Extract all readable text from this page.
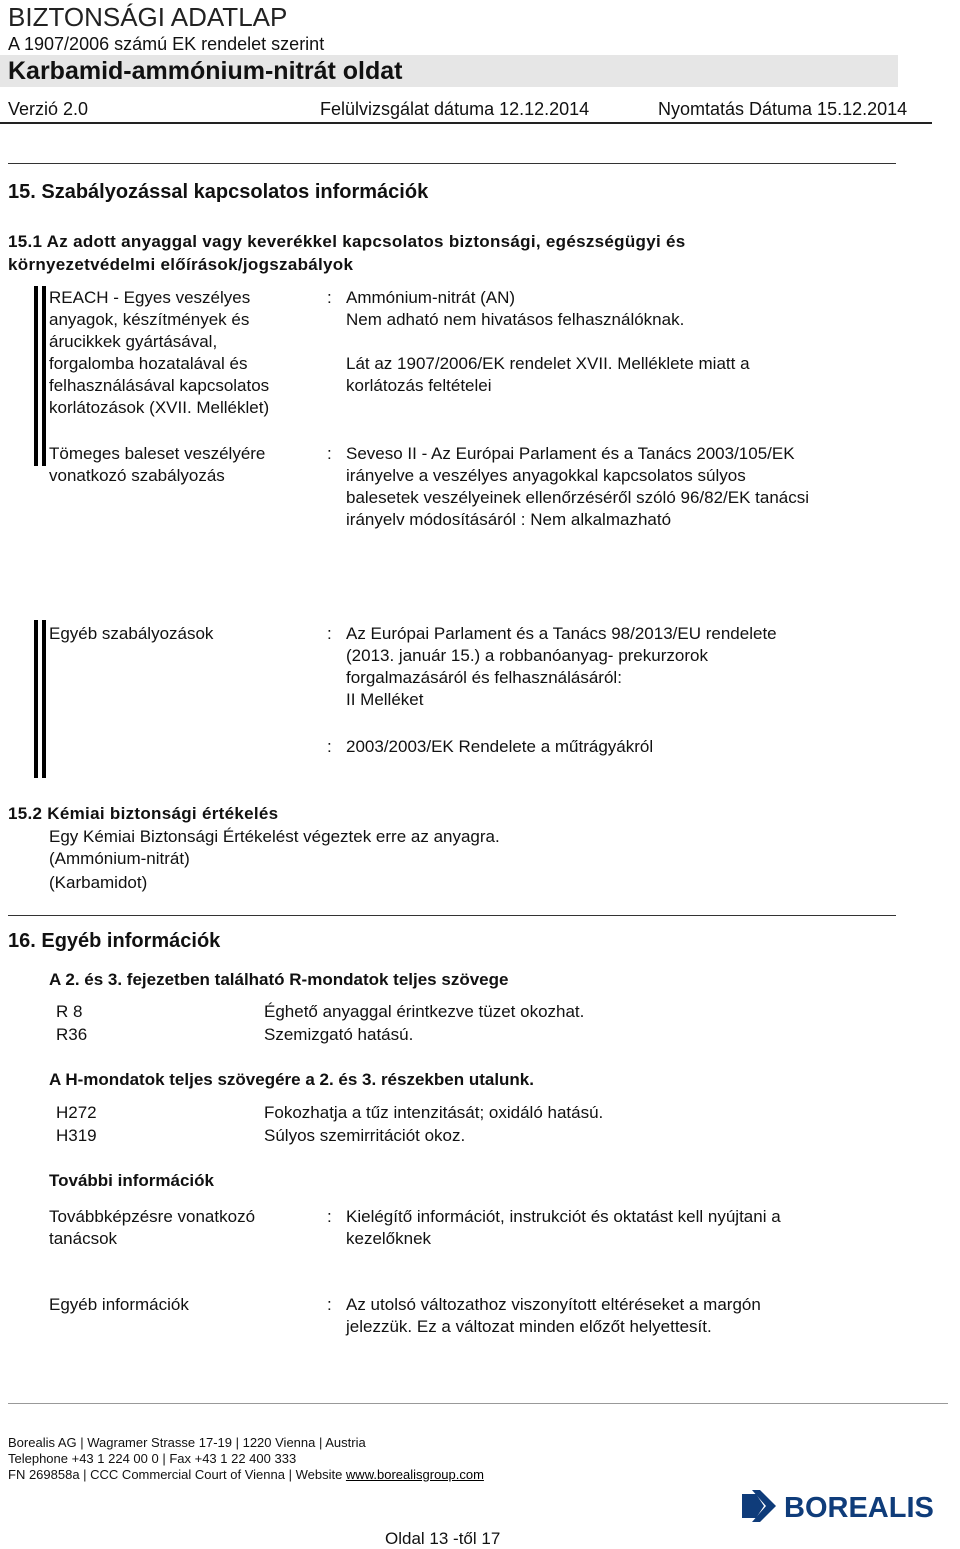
BIZTONSÁGI ADATLAP
A 1907/2006 számú EK rendelet szerint
Karbamid-ammónium-nitrát oldat
Verzió 2.0	Felülvizsgálat dátuma 12.12.2014	Nyomtatás Dátuma 15.12.2014
15. Szabályozással kapcsolatos információk
15.1 Az adott anyaggal vagy keverékkel kapcsolatos biztonsági, egészségügyi és
környezetvédelmi előírások/jogszabályok
REACH - Egyes veszélyes
anyagok, készítmények és
árucikkek gyártásával,
forgalomba hozatalával és
felhasználásával kapcsolatos
korlátozások (XVII. Melléklet)
: Ammónium-nitrát (AN)
Nem adható nem hivatásos felhasználóknak.
Lát az 1907/2006/EK rendelet XVII. Melléklete miatt a
korlátozás feltételei
Tömeges baleset veszélyére
vonatkozó szabályozás
: Seveso II - Az Európai Parlament és a Tanács 2003/105/EK
irányelve a veszélyes anyagokkal kapcsolatos súlyos
balesetek veszélyeinek ellenőrzéséről szóló 96/82/EK tanácsi
irányelv módosításáról : Nem alkalmazható
Egyéb szabályozások	: Az Európai Parlament és a Tanács 98/2013/EU rendelete
(2013. január 15.) a robbanóanyag- prekurzorok
forgalmazásáról és felhasználásáról:
II Melléket
: 2003/2003/EK Rendelete a műtrágyákról
15.2 Kémiai biztonsági értékelés
Egy Kémiai Biztonsági Értékelést végeztek erre az anyagra.
(Ammónium-nitrát)
(Karbamidot)
16. Egyéb információk
A 2. és 3. fejezetben található R-mondatok teljes szövege
R 8	Éghető anyaggal érintkezve tüzet okozhat.
R36	Szemizgató hatású.
A H-mondatok teljes szövegére a 2. és 3. részekben utalunk.
H272	Fokozhatja a tűz intenzitását; oxidáló hatású.
H319	Súlyos szemirritációt okoz.
További információk
Továbbképzésre vonatkozó
tanácsok
: Kielégítő információt, instrukciót és oktatást kell nyújtani a
kezelőknek
Egyéb információk	: Az utolsó változathoz viszonyított eltéréseket a margón
jelezzük. Ez a változat minden előzőt helyettesít.
Borealis AG | Wagramer Strasse 17-19 | 1220 Vienna | Austria
Telephone +43 1 224 00 0 | Fax +43 1 22 400 333
FN 269858a | CCC Commercial Court of Vienna | Website www.borealisgroup.com
BOREALIS
Oldal 13 -től 17
